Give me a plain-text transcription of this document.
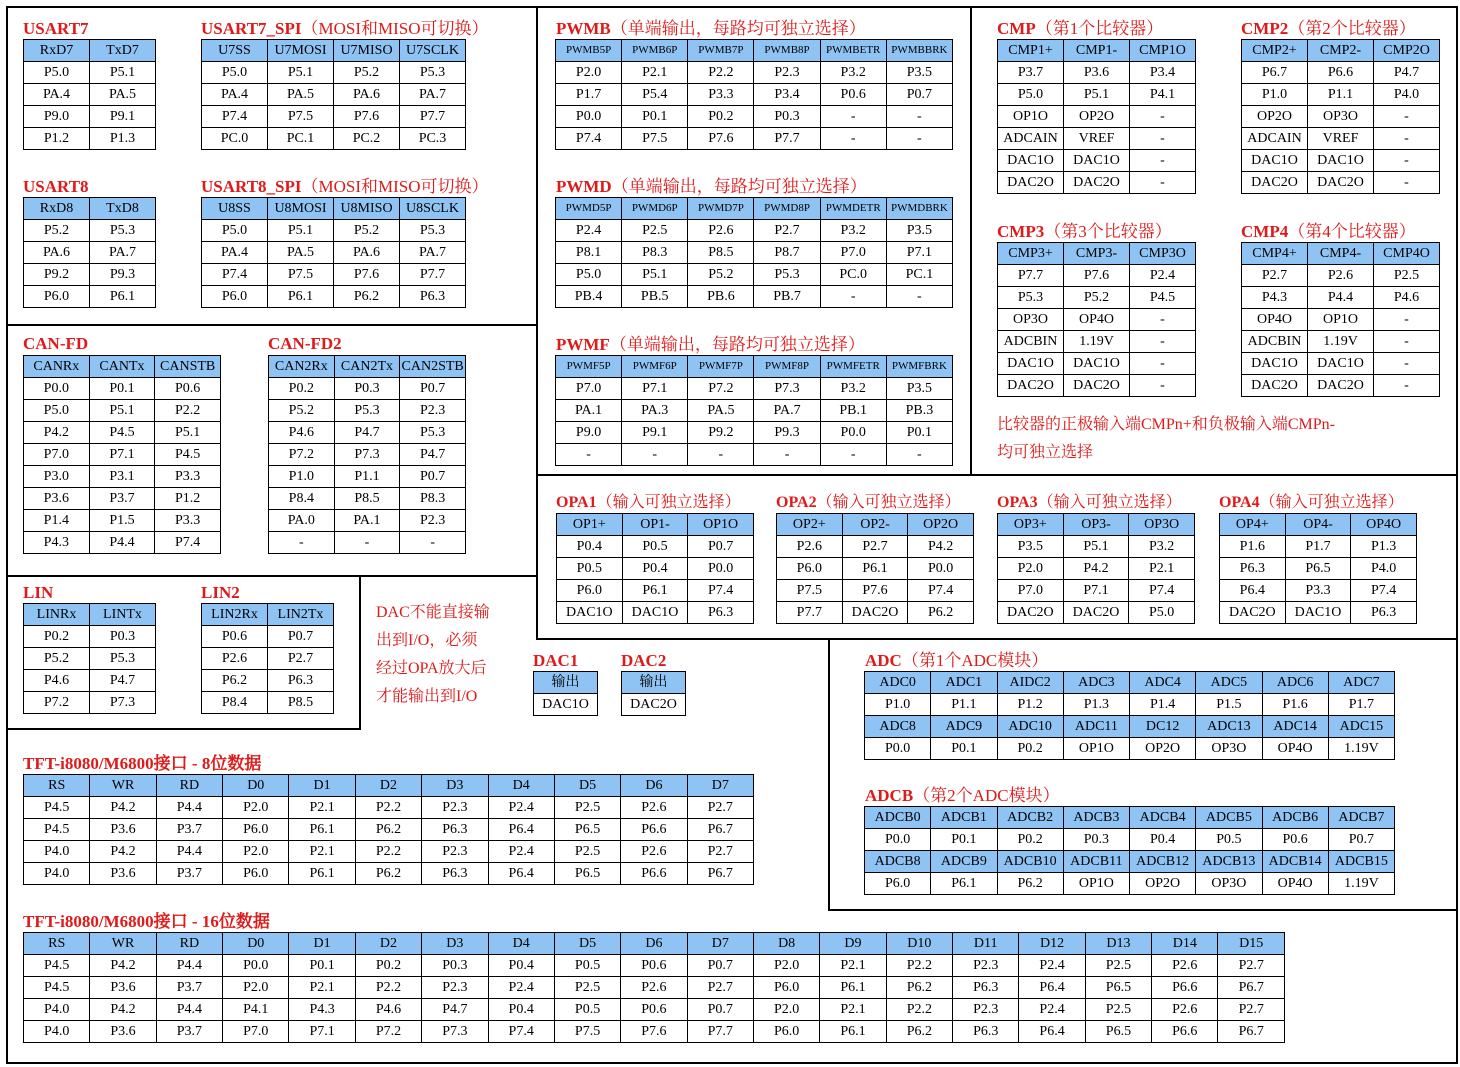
USART7	USART7_SPI（MOSI和MISO可切换）
USART8	USART8_SPI（MOSI和MISO可切换）
CAN-FD	CAN-FD2
LIN	LIN2
DAC1	DAC2
PWMB（单端输出，每路均可独立选择）
PWMD（单端输出，每路均可独立选择）
PWMF（单端输出，每路均可独立选择）
CMP（第1个比较器）	CMP2（第2个比较器）
CMP3（第3个比较器）	CMP4（第4个比较器）
OPA1（输入可独立选择） OPA2（输入可独立选择） OPA3（输入可独立选择） OPA4（输入可独立选择）
ADC（第1个ADC模块）
ADCB（第2个ADC模块）
TFT-i8080/M6800接口 - 8位数据
TFT-i8080/M6800接口 - 16位数据
比较器的正极输入端CMPn+和负极输入端CMPn-
均可独立选择
DAC不能直接输
出到I/O，必须
经过OPA放大后
才能输出到I/O
RxD7	TxD7
P5.0	P5.1
PA.4	PA.5
P9.0	P9.1
P1.2	P1.3
U7SS	U7MOSI	U7MISO	U7SCLK
P5.0	P5.1	P5.2	P5.3
PA.4	PA.5	PA.6	PA.7
P7.4	P7.5	P7.6	P7.7
PC.0	PC.1	PC.2	PC.3
RxD8	TxD8
P5.2	P5.3
PA.6	PA.7
P9.2	P9.3
P6.0	P6.1
U8SS	U8MOSI	U8MISO	U8SCLK
P5.0	P5.1	P5.2	P5.3
PA.4	PA.5	PA.6	PA.7
P7.4	P7.5	P7.6	P7.7
P6.0	P6.1	P6.2	P6.3
CANRx	CANTx	CANSTB
P0.0	P0.1	P0.6
P5.0	P5.1	P2.2
P4.2	P4.5	P5.1
P7.0	P7.1	P4.5
P3.0	P3.1	P3.3
P3.6	P3.7	P1.2
P1.4	P1.5	P3.3
P4.3	P4.4	P7.4
CAN2Rx	CAN2Tx	CAN2STB
P0.2	P0.3	P0.7
P5.2	P5.3	P2.3
P4.6	P4.7	P5.3
P7.2	P7.3	P4.7
P1.0	P1.1	P0.7
P8.4	P8.5	P8.3
PA.0	PA.1	P2.3
-	-	-
LINRx	LINTx
P0.2	P0.3
P5.2	P5.3
P4.6	P4.7
P7.2	P7.3
LIN2Rx	LIN2Tx
P0.6	P0.7
P2.6	P2.7
P6.2	P6.3
P8.4	P8.5
输出
DAC1O
输出
DAC2O
PWMB5P	PWMB6P	PWMB7P	PWMB8P	PWMBETR	PWMBBRK
P2.0	P2.1	P2.2	P2.3	P3.2	P3.5
P1.7	P5.4	P3.3	P3.4	P0.6	P0.7
P0.0	P0.1	P0.2	P0.3	-	-
P7.4	P7.5	P7.6	P7.7	-	-
PWMD5P	PWMD6P	PWMD7P	PWMD8P	PWMDETR	PWMDBRK
P2.4	P2.5	P2.6	P2.7	P3.2	P3.5
P8.1	P8.3	P8.5	P8.7	P7.0	P7.1
P5.0	P5.1	P5.2	P5.3	PC.0	PC.1
PB.4	PB.5	PB.6	PB.7	-	-
PWMF5P	PWMF6P	PWMF7P	PWMF8P	PWMFETR	PWMFBRK
P7.0	P7.1	P7.2	P7.3	P3.2	P3.5
PA.1	PA.3	PA.5	PA.7	PB.1	PB.3
P9.0	P9.1	P9.2	P9.3	P0.0	P0.1
-	-	-	-	-	-
CMP1+	CMP1-	CMP1O
P3.7	P3.6	P3.4
P5.0	P5.1	P4.1
OP1O	OP2O	-
ADCAIN	VREF	-
DAC1O	DAC1O	-
DAC2O	DAC2O	-
CMP2+	CMP2-	CMP2O
P6.7	P6.6	P4.7
P1.0	P1.1	P4.0
OP2O	OP3O	-
ADCAIN	VREF	-
DAC1O	DAC1O	-
DAC2O	DAC2O	-
CMP3+	CMP3-	CMP3O
P7.7	P7.6	P2.4
P5.3	P5.2	P4.5
OP3O	OP4O	-
ADCBIN	1.19V	-
DAC1O	DAC1O	-
DAC2O	DAC2O	-
CMP4+	CMP4-	CMP4O
P2.7	P2.6	P2.5
P4.3	P4.4	P4.6
OP4O	OP1O	-
ADCBIN	1.19V	-
DAC1O	DAC1O	-
DAC2O	DAC2O	-
OP1+	OP1-	OP1O
P0.4	P0.5	P0.7
P0.5	P0.4	P0.0
P6.0	P6.1	P7.4
DAC1O	DAC1O	P6.3
OP2+	OP2-	OP2O
P2.6	P2.7	P4.2
P6.0	P6.1	P0.0
P7.5	P7.6	P7.4
P7.7	DAC2O	P6.2
OP3+	OP3-	OP3O
P3.5	P5.1	P3.2
P2.0	P4.2	P2.1
P7.0	P7.1	P7.4
DAC2O	DAC2O	P5.0
OP4+	OP4-	OP4O
P1.6	P1.7	P1.3
P6.3	P6.5	P4.0
P6.4	P3.3	P7.4
DAC2O	DAC1O	P6.3
ADC0	ADC1	AIDC2	ADC3	ADC4	ADC5	ADC6	ADC7
P1.0	P1.1	P1.2	P1.3	P1.4	P1.5	P1.6	P1.7
ADC8	ADC9	ADC10	ADC11	DC12	ADC13	ADC14	ADC15
P0.0	P0.1	P0.2	OP1O	OP2O	OP3O	OP4O	1.19V
ADCB0	ADCB1	ADCB2	ADCB3	ADCB4	ADCB5	ADCB6	ADCB7
P0.0	P0.1	P0.2	P0.3	P0.4	P0.5	P0.6	P0.7
ADCB8	ADCB9	ADCB10	ADCB11	ADCB12	ADCB13	ADCB14	ADCB15
P6.0	P6.1	P6.2	OP1O	OP2O	OP3O	OP4O	1.19V
RS	WR	RD	D0	D1	D2	D3	D4	D5	D6	D7
P4.5	P4.2	P4.4	P2.0	P2.1	P2.2	P2.3	P2.4	P2.5	P2.6	P2.7
P4.5	P3.6	P3.7	P6.0	P6.1	P6.2	P6.3	P6.4	P6.5	P6.6	P6.7
P4.0	P4.2	P4.4	P2.0	P2.1	P2.2	P2.3	P2.4	P2.5	P2.6	P2.7
P4.0	P3.6	P3.7	P6.0	P6.1	P6.2	P6.3	P6.4	P6.5	P6.6	P6.7
RS	WR	RD	D0	D1	D2	D3	D4	D5	D6	D7	D8	D9	D10	D11	D12	D13	D14	D15
P4.5	P4.2	P4.4	P0.0	P0.1	P0.2	P0.3	P0.4	P0.5	P0.6	P0.7	P2.0	P2.1	P2.2	P2.3	P2.4	P2.5	P2.6	P2.7
P4.5	P3.6	P3.7	P2.0	P2.1	P2.2	P2.3	P2.4	P2.5	P2.6	P2.7	P6.0	P6.1	P6.2	P6.3	P6.4	P6.5	P6.6	P6.7
P4.0	P4.2	P4.4	P4.1	P4.3	P4.6	P4.7	P0.4	P0.5	P0.6	P0.7	P2.0	P2.1	P2.2	P2.3	P2.4	P2.5	P2.6	P2.7
P4.0	P3.6	P3.7	P7.0	P7.1	P7.2	P7.3	P7.4	P7.5	P7.6	P7.7	P6.0	P6.1	P6.2	P6.3	P6.4	P6.5	P6.6	P6.7
